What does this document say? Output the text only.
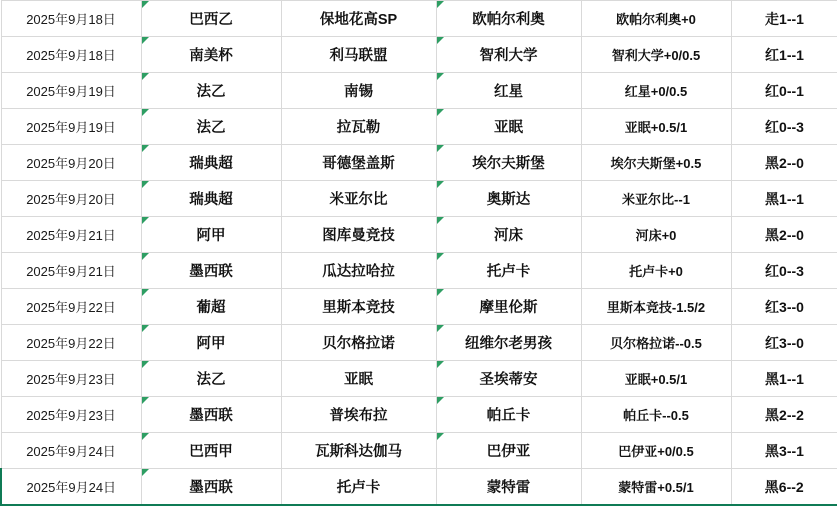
2025年9月18日	巴西乙	保地花高SP	欧帕尔利奥	欧帕尔利奥+0	走1--1
2025年9月18日	南美杯	利马联盟	智利大学	智利大学+0/0.5	红1--1
2025年9月19日	法乙	南锡	红星	红星+0/0.5	红0--1
2025年9月19日	法乙	拉瓦勒	亚眠	亚眠+0.5/1	红0--3
2025年9月20日	瑞典超	哥德堡盖斯	埃尔夫斯堡	埃尔夫斯堡+0.5	黑2--0
2025年9月20日	瑞典超	米亚尔比	奥斯达	米亚尔比--1	黑1--1
2025年9月21日	阿甲	图库曼竞技	河床	河床+0	黑2--0
2025年9月21日	墨西联	瓜达拉哈拉	托卢卡	托卢卡+0	红0--3
2025年9月22日	葡超	里斯本竞技	摩里伦斯	里斯本竞技-1.5/2	红3--0
2025年9月22日	阿甲	贝尔格拉诺	纽维尔老男孩	贝尔格拉诺--0.5	红3--0
2025年9月23日	法乙	亚眠	圣埃蒂安	亚眠+0.5/1	黑1--1
2025年9月23日	墨西联	普埃布拉	帕丘卡	帕丘卡--0.5	黑2--2
2025年9月24日	巴西甲	瓦斯科达伽马	巴伊亚	巴伊亚+0/0.5	黑3--1
2025年9月24日	墨西联	托卢卡	蒙特雷	蒙特雷+0.5/1	黑6--2
